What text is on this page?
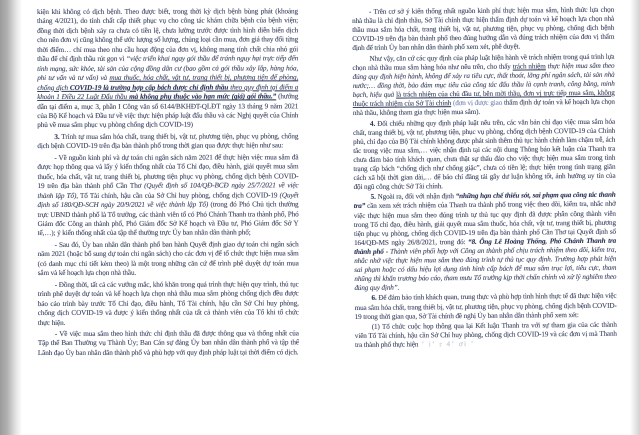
kiện khi không có dịch bệnh. Theo được biết, trong thời kỳ dịch bệnh bùng phát (khoảng tháng 4/2021), do tính chất cấp thiết phục vụ cho công tác khám chữa bệnh của bệnh viện; đồng thời dịch bệnh xảy ra chưa có tiền lệ, chưa lường trước được tình hình diễn biến dịch cho nên đơn vị cũng không thể ước lượng số lượng, chủng loại cần mua, đơn giá thay đổi từng thời điểm… chỉ mua theo nhu cầu hoạt động của đơn vị, không mang tính chất chia nhỏ gói thầu để chỉ định thầu rút gọn vì “việc triển khai ngay gói thầu để tránh nguy hại trực tiếp đến tính mạng, sức khỏe, tài sản của cộng đồng dân cư (bao gồm cả gói thầu xây lắp, hàng hóa, phi tư vấn và tư vấn) và mua thuốc, hóa chất, vật tư, trang thiết bị, phương tiện để phòng, chống dịch COVID-19 là trường hợp cấp bách được chỉ định thầu theo quy định tại điểm a khoản 1 Điều 22 Luật Đấu thầu mà không phụ thuộc vào hạn mức (giá) gói thầu.” (hướng dẫn tại điểm a, mục 3, phần I Công văn số 6144/BKHĐT-QLĐT ngày 13 tháng 9 năm 2021 của Bộ Kế hoạch và Đầu tư về việc thực hiện pháp luật đấu thầu và các Nghị quyết của Chính phủ về mua sắm phục vụ phòng chống dịch COVID-19)

3. Trình tự mua sắm hóa chất, trang thiết bị, vật tư, phương tiện, phục vụ phòng, chống dịch bệnh COVID-19 trên địa bàn thành phố trong thời gian qua được thực hiện như sau:

- Về nguồn kinh phí và dự toán chi ngân sách năm 2021 để thực hiện việc mua sắm đã được họp thông qua và lấy ý kiến thống nhất của Tổ Chỉ đạo, điều hành, giải quyết mua sắm thuốc, hóa chất, vật tư, trang thiết bị, phương tiện phục vụ phòng, chống dịch bệnh COVID-19 trên địa bàn thành phố Cần Thơ (Quyết định số 104/QĐ-BCĐ ngày 25/7/2021 về việc thành lập Tổ), Tổ Tài chính, hậu cần của Sở Chỉ huy phòng, chống dịch COVID-19 (Quyết định số 180/QĐ-SCH ngày 20/9/2021 về việc thành lập Tổ) (trong đó Phó Chủ tịch thường trực UBND thành phố là Tổ trưởng, các thành viên tổ có Phó Chánh Thanh tra thành phố, Phó Giám đốc Công an thành phố, Phó Giám đốc Sở Kế hoạch và Đầu tư, Phó Giám đốc Sở Y tế,…); ý kiến thống nhất của tập thể thường trực Ủy ban nhân dân thành phố;

- Sau đó, Ủy ban nhân dân thành phố ban hành Quyết định giao dự toán chi ngân sách năm 2021 (hoặc bổ sung dự toán chi ngân sách) cho các đơn vị để tổ chức thực hiện mua sắm (có danh mục chi tiết kèm theo) là một trong những căn cứ để trình phê duyệt dự toán mua sắm và kế hoạch lựa chọn nhà thầu.

- Đồng thời, tất cả các vướng mắc, khó khăn trong quá trình thực hiện quy trình, thủ tục trình phê duyệt dự toán và kế hoạch lựa chọn nhà thầu mua sắm phòng chống dịch đều được báo cáo trình bày trước Tổ Chỉ đạo, điều hành, Tổ Tài chính, hậu cần Sở Chỉ huy phòng, chống dịch COVID-19 và được ý kiến thống nhất của tất cả thành viên của Tổ khi tổ chức thực hiện.

- Về việc mua sắm theo hình thức chỉ định thầu đã được thông qua và thống nhất của Tập thể Ban Thường vụ Thành Ủy; Ban Cán sự đảng Ủy ban nhân dân thành phố và tập thể Lãnh đạo Ủy ban nhân dân thành phố và phù hợp với quy định pháp luật tại thời điểm có dịch.

- Trên cơ sở ý kiến thống nhất nguồn kinh phí thực hiện mua sắm, hình thức lựa chọn nhà thầu là chỉ định thầu, Sở Tài chính thực hiện thẩm định dự toán và kế hoạch lựa chọn nhà thầu mua sắm hóa chất, trang thiết bị, vật tư, phương tiện, phục vụ phòng, chống dịch bệnh COVID-19 trên địa bàn thành phố theo đúng hướng dẫn và đúng trách nhiệm của đơn vị thẩm định để trình Ủy ban nhân dân thành phố xem xét, phê duyệt.

Như vậy, căn cứ các quy định của pháp luật hiện hành về trách nhiệm trong quá trình lựa chọn nhà thầu mua sắm hàng hóa như nêu trên, cho thấy trách nhiệm thực hiện mua sắm theo đúng quy định hiện hành, không để xảy ra tiêu cực, thất thoát, lãng phí ngân sách, tài sản nhà nước;… đồng thời, bảo đảm mục tiêu của công tác đấu thầu là cạnh tranh, công bằng, minh bạch, hiệu quả là trách nhiệm của chủ đầu tư, bên mời thầu, đơn vị trực tiếp mua sắm, không thuộc trách nhiệm của Sở Tài chính (đơn vị được giao thẩm định dự toán và kế hoạch lựa chọn nhà thầu, không tham gia thực hiện mua sắm).

4. Đối chiếu những quy định pháp luật nêu trên, các văn bản chỉ đạo việc mua sắm hóa chất, trang thiết bị, vật tư, phương tiện, phục vụ phòng, chống dịch bệnh COVID-19 của Chính phủ, chỉ đạo của Bộ Tài chính không được phát sinh thêm thủ tục hành chính làm chậm trễ, ách tắc trong việc mua sắm,… việc nhận định tại các nội dung Thông báo kết luận của Thanh tra chưa đảm bảo tính khách quan, chưa thật sự thấu đáo cho việc thực hiện mua sắm trong tình trạng cấp bách “chống dịch như chống giặc”, chưa có tiền lệ; thực hiện trong tình trạng giãn cách xã hội thời gian dài,… để báo chí đăng tải gây dư luận không tốt, ảnh hưởng uy tín của đội ngũ công chức Sở Tài chính.

5. Ngoài ra, đối với nhận định “những hạn chế thiếu sót, sai phạm qua công tác thanh tra” cần xem xét trách nhiệm của Thanh tra thành phố trong việc theo dõi, kiểm tra, nhắc nhở việc thực hiện mua sắm theo đúng trình tự thủ tục quy định đã được phân công thành viên trong Tổ chỉ đạo, điều hành, giải quyết mua sắm thuốc, hóa chất, vật tư, trang thiết bị, phương tiện phục vụ phòng, chống dịch COVID-19 trên địa bàn thành phố Cần Thơ tại Quyết định số 164/QĐ-MS ngày 26/8/2021, trong đó: “8. Ông Lê Hoàng Thống, Phó Chánh Thanh tra thành phố - Thành viên phối hợp với Công an thành phố chịu trách nhiệm theo dõi, kiểm tra, nhắc nhở việc thực hiện mua sắm theo đúng trình tự thủ tục quy định. Trường hợp phát hiện sai phạm hoặc có dấu hiệu lợi dụng tình hình cấp bách để mua sắm trục lợi, tiêu cực, tham nhũng thì khẩn trương báo cáo, tham mưu Tổ trưởng kịp thời chấn chỉnh và xử lý nghiêm theo đúng quy định”.

6. Để đảm bảo tính khách quan, trung thực và phù hợp tình hình thực tế đã thực hiện việc mua sắm hóa chất, trang thiết bị, vật tư, phương tiện, phục vụ phòng, chống dịch bệnh COVID-19 trong thời gian qua, Sở Tài chính đề nghị Ủy ban nhân dân thành phố xem xét:

(1) Tổ chức cuộc họp thông qua lại Kết luận Thanh tra với sự tham gia của các thành viên Tổ Tài chính, hậu cần Sở Chỉ huy phòng, chống dịch COVID-19 và các đơn vị mà Thanh tra thành phố thực hiện ʼ iʼ r 4ʼ ơi ʼ
